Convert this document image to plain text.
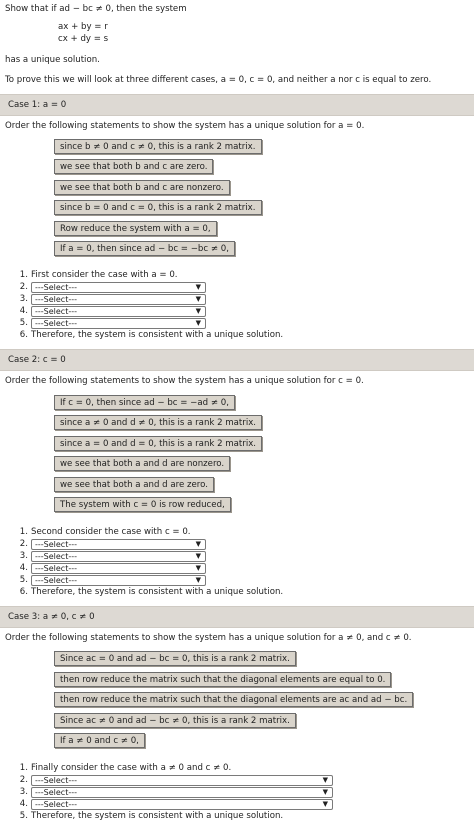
Show that if ad − bc ≠ 0, then the system
ax + by = r
cx + dy = s
has a unique solution.
To prove this we will look at three different cases, a = 0, c = 0, and neither a nor c is equal to zero.
Case 1: a = 0
Order the following statements to show the system has a unique solution for a = 0.
since b ≠ 0 and c ≠ 0, this is a rank 2 matrix.
we see that both b and c are zero.
we see that both b and c are nonzero.
since b = 0 and c = 0, this is a rank 2 matrix.
Row reduce the system with a = 0,
If a = 0, then since ad − bc = −bc ≠ 0,
1. First consider the case with a = 0.
2. ---Select---	▼
3. ---Select---	▼
4. ---Select---	▼
5. ---Select---	▼
6. Therefore, the system is consistent with a unique solution.
Case 2: c = 0
Order the following statements to show the system has a unique solution for c = 0.
If c = 0, then since ad − bc = −ad ≠ 0,
since a ≠ 0 and d ≠ 0, this is a rank 2 matrix.
since a = 0 and d = 0, this is a rank 2 matrix.
we see that both a and d are nonzero.
we see that both a and d are zero.
The system with c = 0 is row reduced,
1. Second consider the case with c = 0.
2. ---Select---	▼
3. ---Select---	▼
4. ---Select---	▼
5. ---Select---	▼
6. Therefore, the system is consistent with a unique solution.
Case 3: a ≠ 0, c ≠ 0
Order the following statements to show the system has a unique solution for a ≠ 0, and c ≠ 0.
Since ac = 0 and ad − bc = 0, this is a rank 2 matrix.
then row reduce the matrix such that the diagonal elements are equal to 0.
then row reduce the matrix such that the diagonal elements are ac and ad − bc.
Since ac ≠ 0 and ad − bc ≠ 0, this is a rank 2 matrix.
If a ≠ 0 and c ≠ 0,
1. Finally consider the case with a ≠ 0 and c ≠ 0.
2. ---Select---	▼
3. ---Select---	▼
4. ---Select---	▼
5. Therefore, the system is consistent with a unique solution.
